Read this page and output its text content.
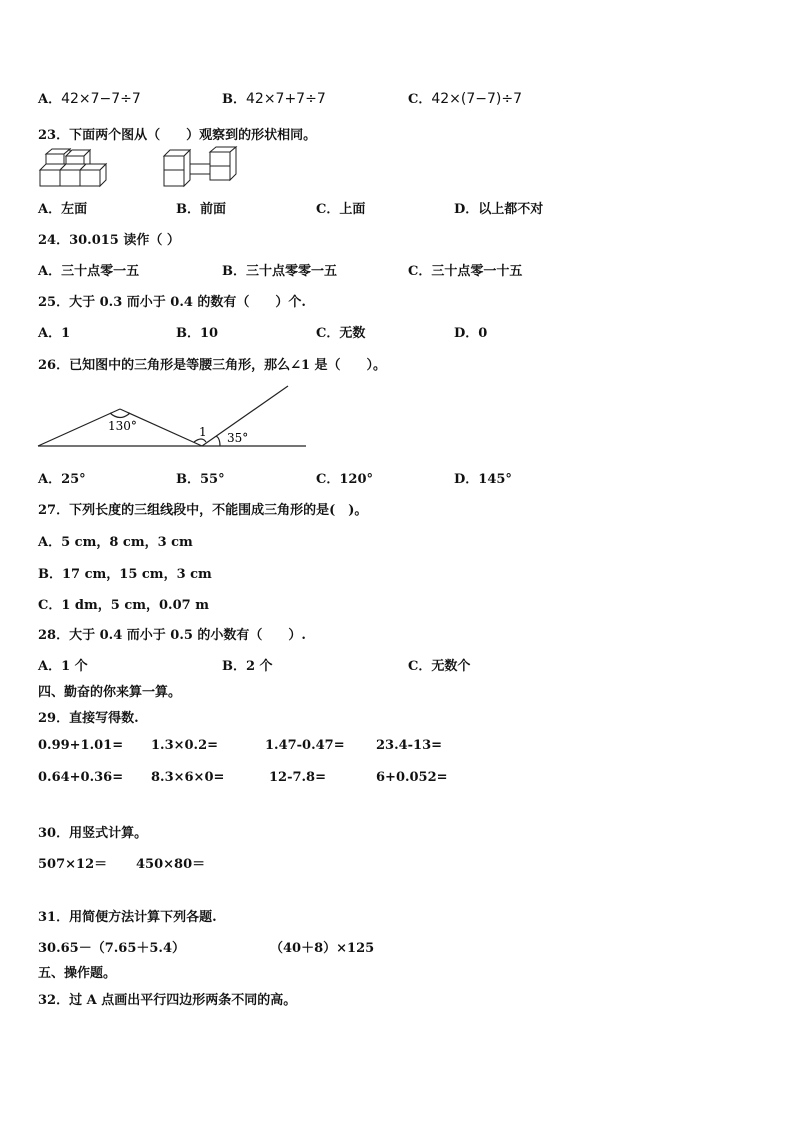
A．42×7−7÷7	B．42×7+7÷7	C．42×(7−7)÷7
23．下面两个图从（　　）观察到的形状相同。
A．左面	B．前面	C．上面	D．以上都不对
24．30.015 读作（ ）
A．三十点零一五	B．三十点零零一五	C．三十点零一十五
25．大于 0.3 而小于 0.4 的数有（　　）个.
A．1	B．10	C．无数	D．0
26．已知图中的三角形是等腰三角形，那么∠1 是（　　）。
130°	1 35°
A．25°	B．55°	C．120°	D．145°
27．下列长度的三组线段中，不能围成三角形的是(　)。
A．5 cm，8 cm，3 cm
B．17 cm，15 cm，3 cm
C．1 dm，5 cm，0.07 m
28．大于 0.4 而小于 0.5 的小数有（　　）.
A．1 个	B．2 个	C．无数个
四、勤奋的你来算一算。
29．直接写得数.
0.99+1.01= 1.3×0.2=	1.47-0.47= 23.4-13=
0.64+0.36= 8.3×6×0=	12-7.8=	6+0.052=
30．用竖式计算。
507×12＝ 450×80＝
31．用简便方法计算下列各题.
30.65－（7.65＋5.4）	（40＋8）×125
五、操作题。
32．过 A 点画出平行四边形两条不同的高。
